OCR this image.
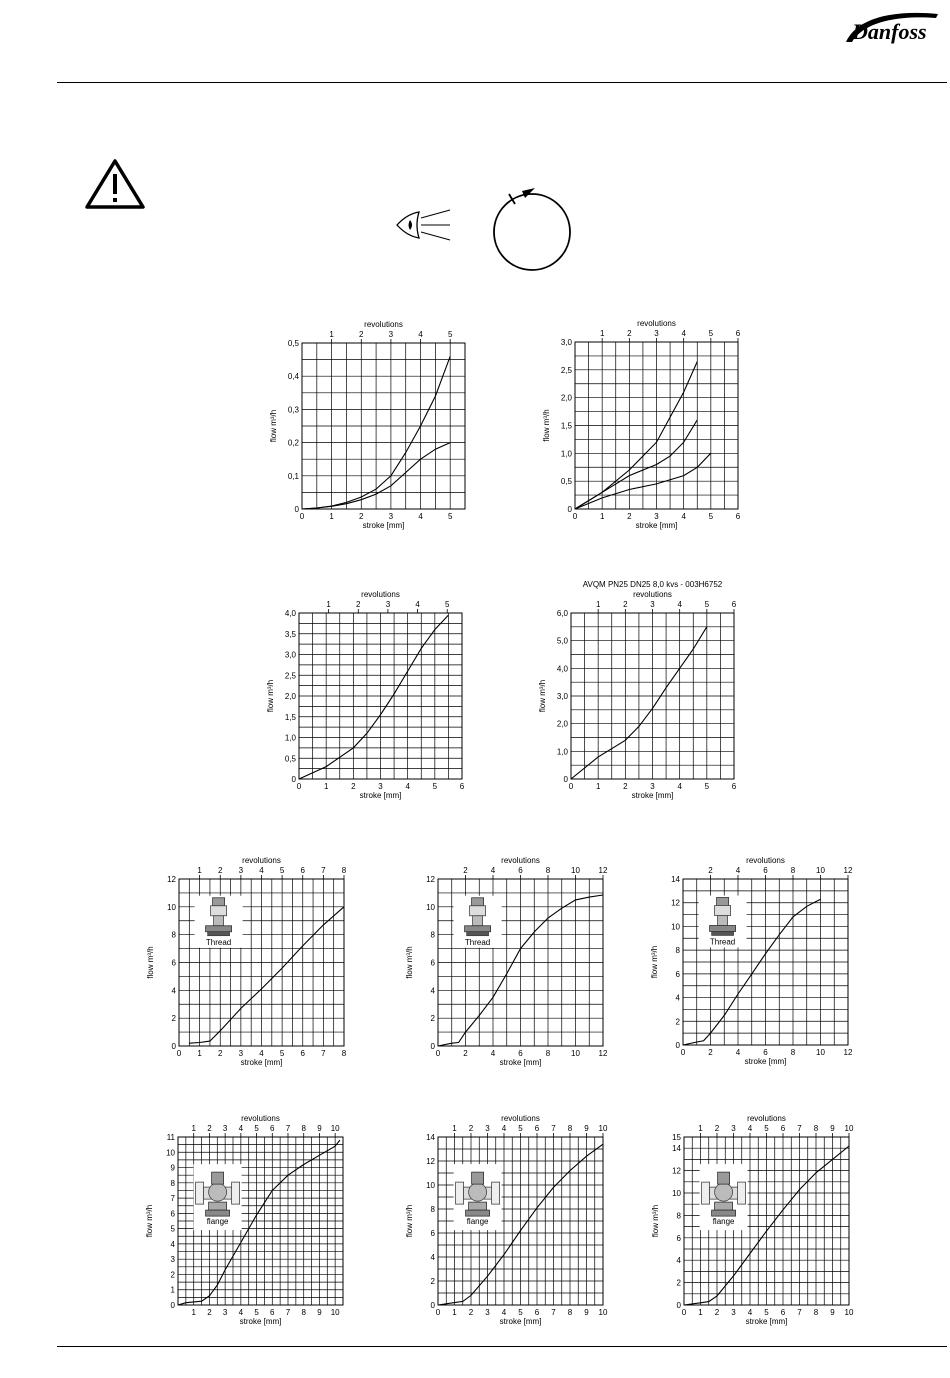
Danfoss
0	1	2	3	4	5
0
0,1
0,2
0,3
0,4
0,5
1	2	3	4	5
revolutions
stroke [mm]
flow m³/h
0	1	2	3	4	5	6
0
0,5
1,0
1,5
2,0
2,5
3,0
1	2	3	4	5	6
revolutions
stroke [mm]
flow m³/h
0	1	2	3	4	5	6
0
0,5
1,0
1,5
2,0
2,5
3,0
3,5
4,0
1	2	3	4	5
revolutions
stroke [mm]
flow m³/h
0	1	2	3	4	5	6
0
1,0
2,0
3,0
4,0
5,0
6,0
1	2	3	4	5	6
revolutions
AVQM PN25 DN25 8,0 kvs - 003H6752
stroke [mm]
flow m³/h
0 1 2 3 4 5 6 7 8
0
2
4
6
8
10
12
1 2 3 4 5 6 7 8
revolutions
stroke [mm]
flow m³/h
Thread
0	2	4	6	8	10 12
0
2
4
6
8
10
12
2	4	6	8	10 12
revolutions
stroke [mm]
flow m³/h
Thread
0	2	4	6	8	10 12
0
2
4
6
8
10
12
14
2	4	6	8	10 12
revolutions
stroke [mm]
flow m³/h
Thread
1 2 3 4 5 6 7 8 9 10
0
1
2
3
4
5
6
7
8
9
10
11
1 2 3 4 5 6 7 8 9 10
revolutions
stroke [mm]
flow m³/h	flange
0 1 2 3 4 5 6 7 8 9 10
0
2
4
6
8
10
12
14
1 2 3 4 5 6 7 8 9 10
revolutions
stroke [mm]
flow m³/h	flange
0 1 2 3 4 5 6 7 8 9 10
0
2
4
6
8
10
12
14
15
1 2 3 4 5 6 7 8 9 10
revolutions
stroke [mm]
flow m³/h	flange
